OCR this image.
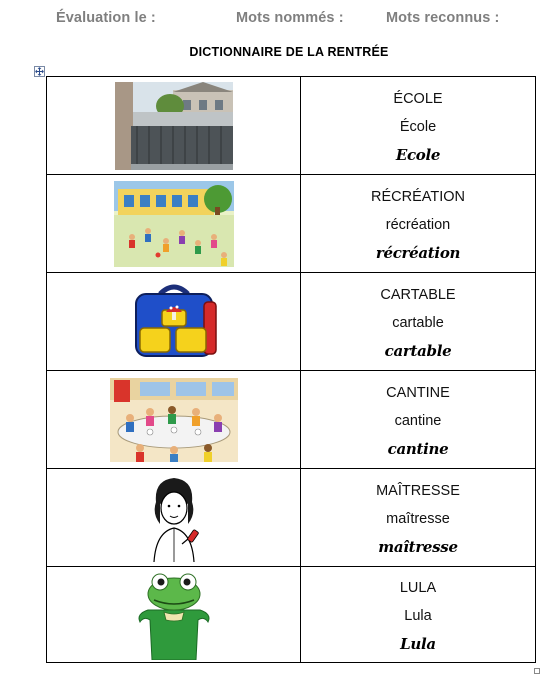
Évaluation le :	Mots nommés :	Mots reconnus :
DICTIONNAIRE DE LA RENTRÉE

ÉCOLE
École
Ecole

RÉCRÉATION
récréation
récréation

CARTABLE
cartable
cartable

CANTINE
cantine
cantine

MAÎTRESSE
maîtresse
maîtresse

LULA
Lula
Lula
